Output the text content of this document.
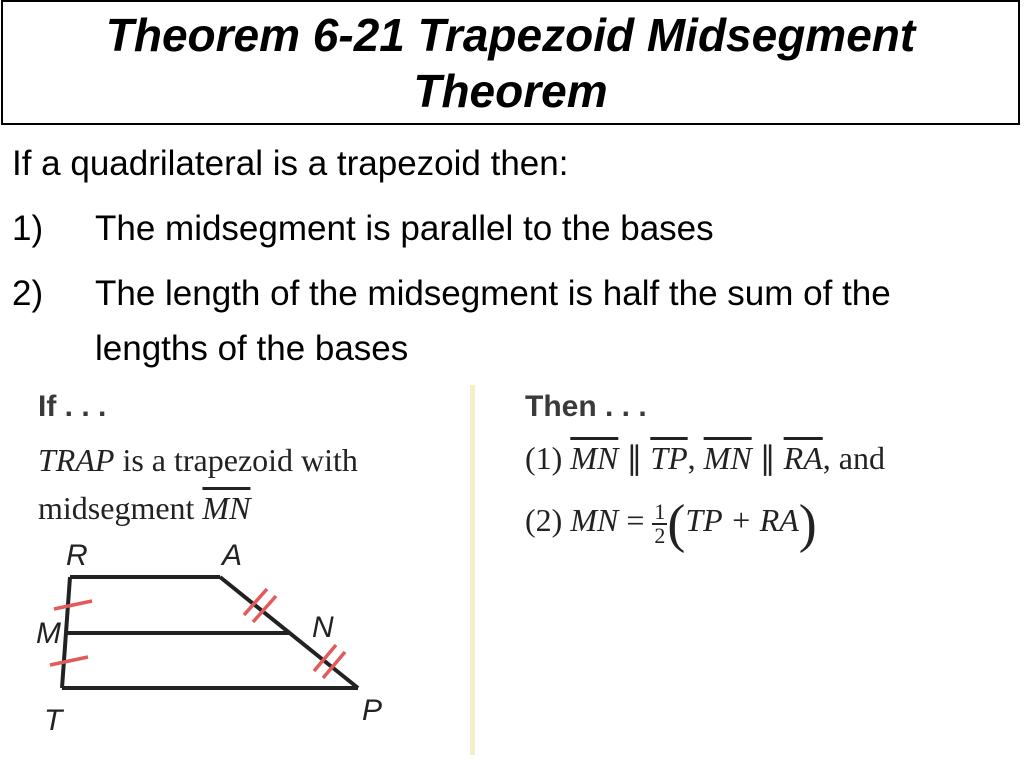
Theorem 6-21 Trapezoid Midsegment Theorem
If a quadrilateral is a trapezoid then:
1) The midsegment is parallel to the bases
2) The length of the midsegment is half the sum of the lengths of the bases

If . . .

TRAP is a trapezoid with
midsegment $\overline{MN}$
R	A
M	N
T	P

Then . . .

(1) $\overline{MN}$ ∥ $\overline{TP}$, $\overline{MN}$ ∥ $\overline{RA}$, and
(2) MN = $\frac{1}{2} (TP + RA)$
